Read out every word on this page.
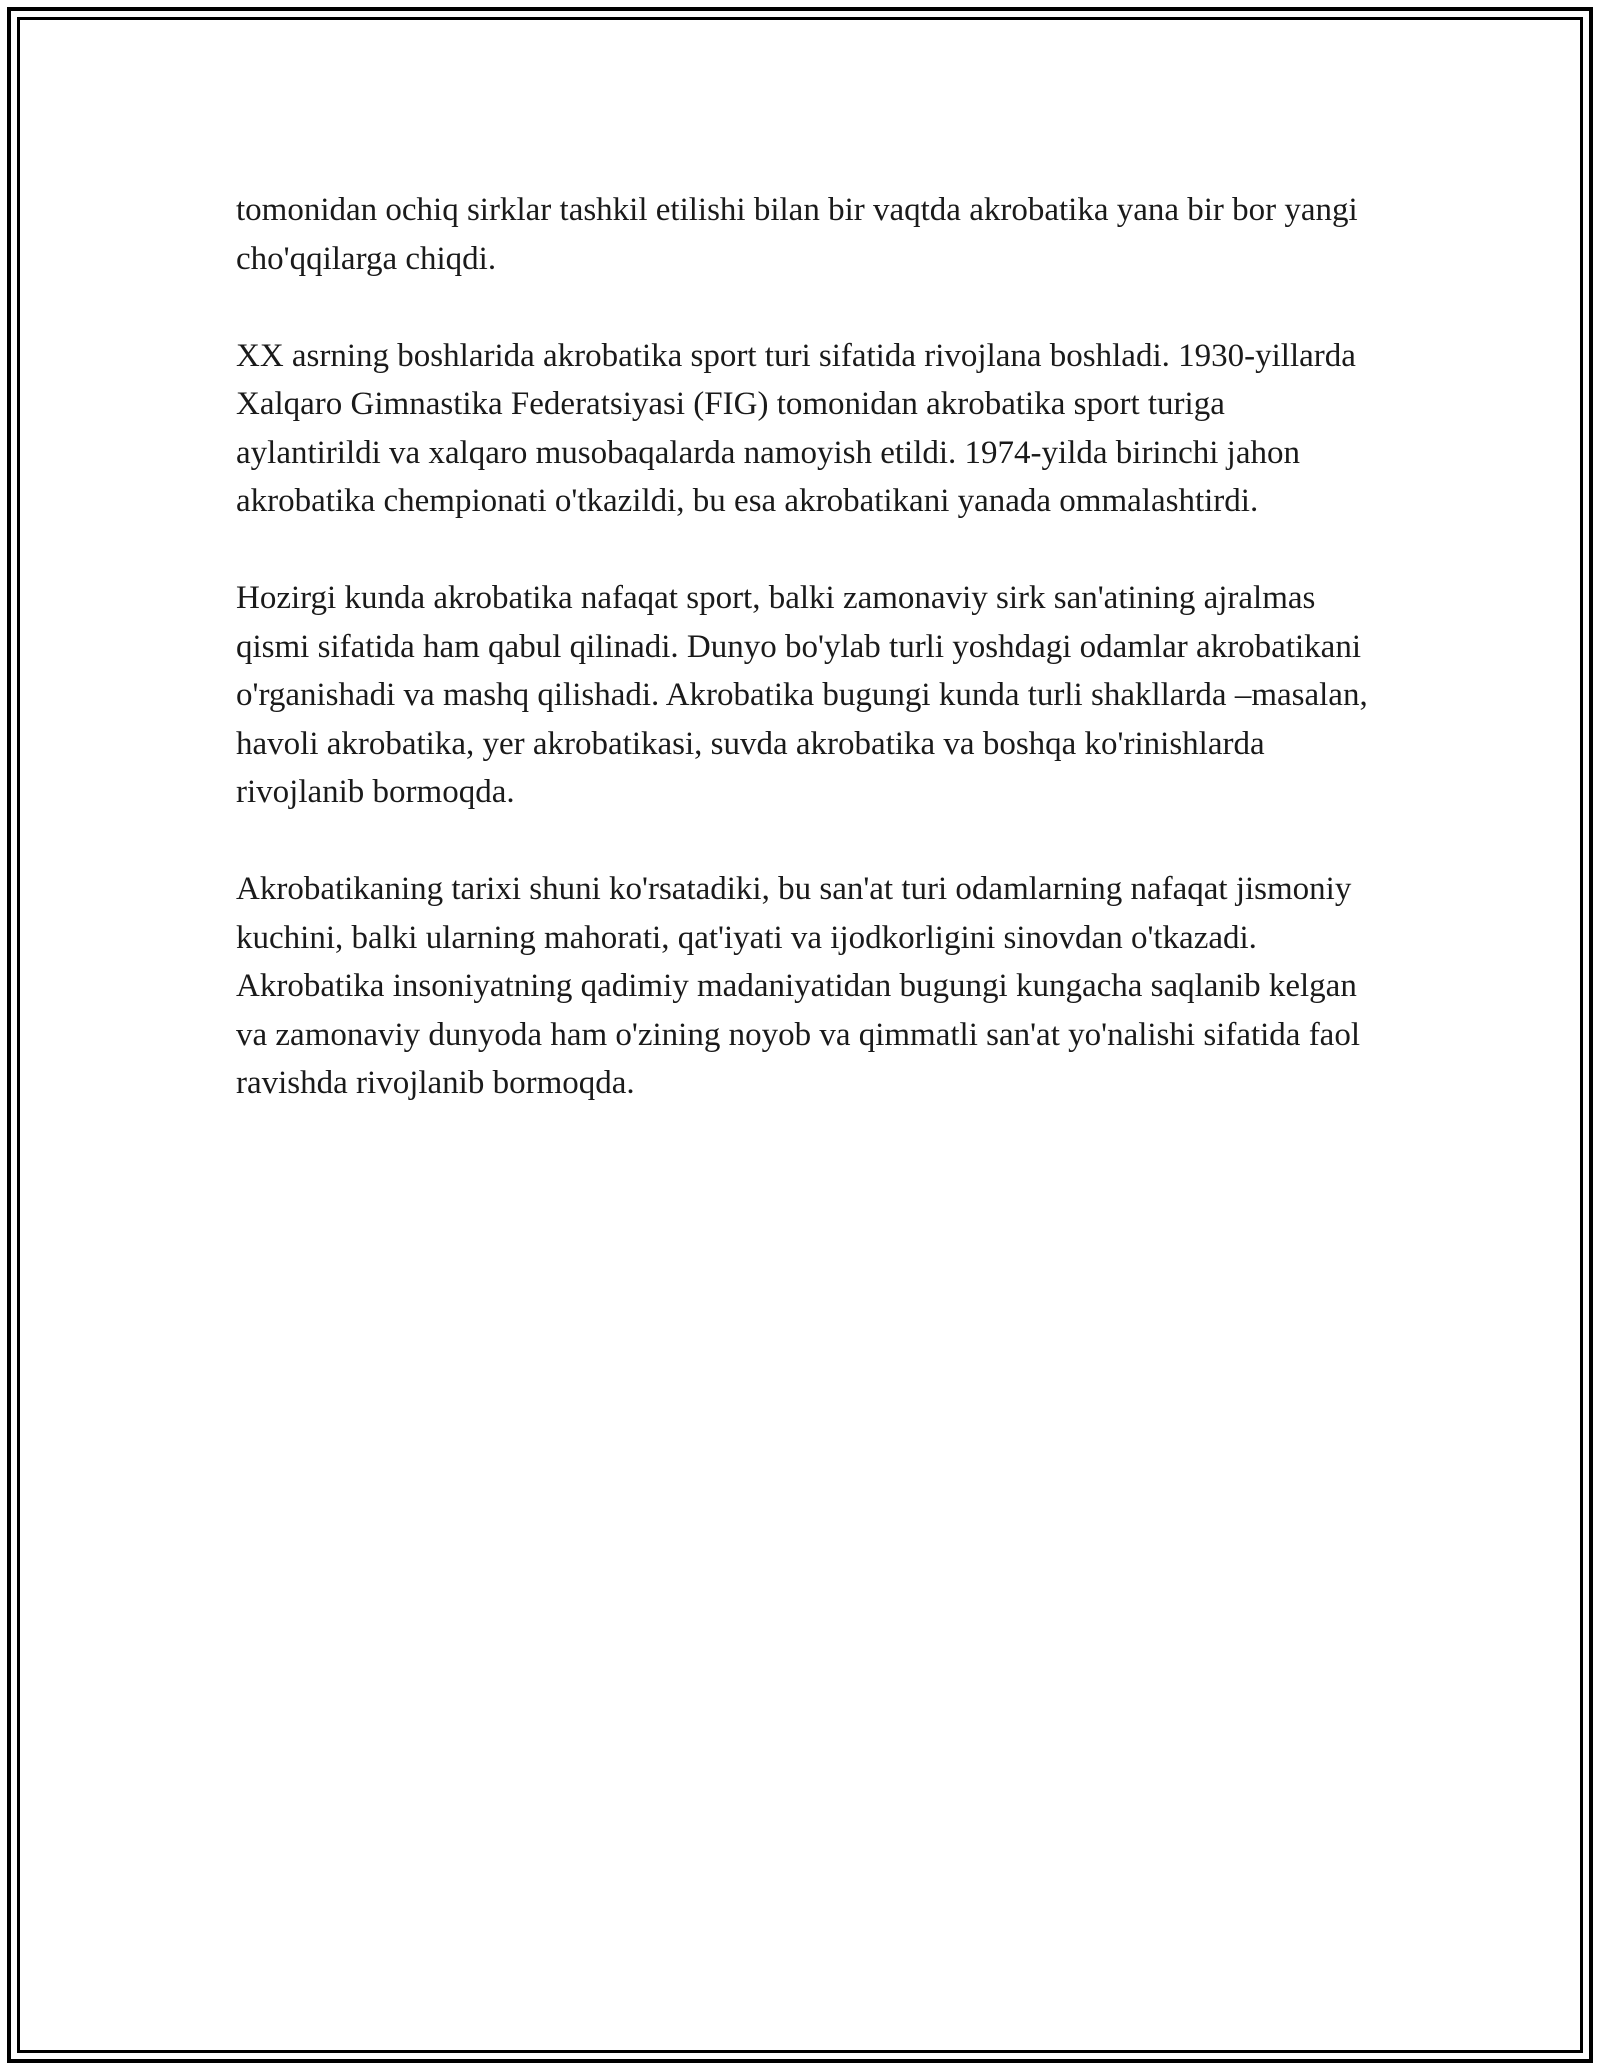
tomonidan ochiq sirklar tashkil etilishi bilan bir vaqtda akrobatika yana bir bor yangi cho'qqilarga chiqdi.

XX asrning boshlarida akrobatika sport turi sifatida rivojlana boshladi. 1930-yillarda Xalqaro Gimnastika Federatsiyasi (FIG) tomonidan akrobatika sport turiga aylantirildi va xalqaro musobaqalarda namoyish etildi. 1974-yilda birinchi jahon akrobatika chempionati o'tkazildi, bu esa akrobatikani yanada ommalashtirdi.

Hozirgi kunda akrobatika nafaqat sport, balki zamonaviy sirk san'atining ajralmas qismi sifatida ham qabul qilinadi. Dunyo bo'ylab turli yoshdagi odamlar akrobatikani o'rganishadi va mashq qilishadi. Akrobatika bugungi kunda turli shakllarda –masalan, havoli akrobatika, yer akrobatikasi, suvda akrobatika va boshqa ko'rinishlarda rivojlanib bormoqda.

Akrobatikaning tarixi shuni ko'rsatadiki, bu san'at turi odamlarning nafaqat jismoniy kuchini, balki ularning mahorati, qat'iyati va ijodkorligini sinovdan o'tkazadi. Akrobatika insoniyatning qadimiy madaniyatidan bugungi kungacha saqlanib kelgan va zamonaviy dunyoda ham o'zining noyob va qimmatli san'at yo'nalishi sifatida faol ravishda rivojlanib bormoqda.
